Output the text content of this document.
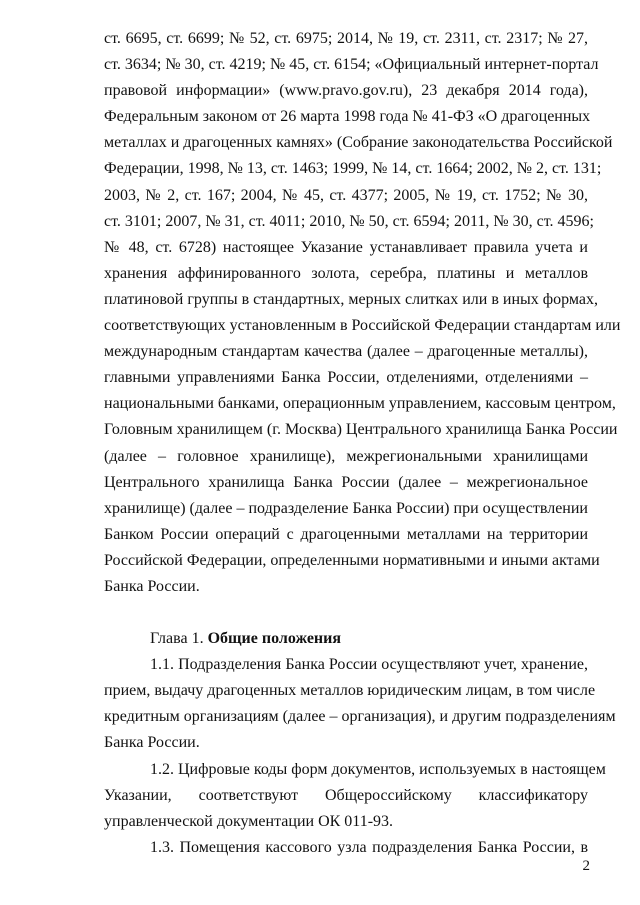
ст. 6695, ст. 6699; № 52, ст. 6975; 2014, № 19, ст. 2311, ст. 2317; № 27,
ст. 3634; № 30, ст. 4219; № 45, ст. 6154; «Официальный интернет-портал
правовой информации» (www.pravo.gov.ru), 23 декабря 2014 года),
Федеральным законом от 26 марта 1998 года № 41-ФЗ «О драгоценных
металлах и драгоценных камнях» (Собрание законодательства Российской
Федерации, 1998, № 13, ст. 1463; 1999, № 14, ст. 1664; 2002, № 2, ст. 131;
2003, № 2, ст. 167; 2004, № 45, ст. 4377; 2005, № 19, ст. 1752; № 30,
ст. 3101; 2007, № 31, ст. 4011; 2010, № 50, ст. 6594; 2011, № 30, ст. 4596;
№ 48, ст. 6728) настоящее Указание устанавливает правила учета и
хранения аффинированного золота, серебра, платины и металлов
платиновой группы в стандартных, мерных слитках или в иных формах,
соответствующих установленным в Российской Федерации стандартам или
международным стандартам качества (далее – драгоценные металлы),
главными управлениями Банка России, отделениями, отделениями –
национальными банками, операционным управлением, кассовым центром,
Головным хранилищем (г. Москва) Центрального хранилища Банка России
(далее – головное хранилище), межрегиональными хранилищами
Центрального хранилища Банка России (далее – межрегиональное
хранилище) (далее – подразделение Банка России) при осуществлении
Банком России операций с драгоценными металлами на территории
Российской Федерации, определенными нормативными и иными актами
Банка России.
Глава 1. Общие положения
1.1. Подразделения Банка России осуществляют учет, хранение,
прием, выдачу драгоценных металлов юридическим лицам, в том числе
кредитным организациям (далее – организация), и другим подразделениям
Банка России.
1.2. Цифровые коды форм документов, используемых в настоящем
Указании, соответствуют Общероссийскому классификатору
управленческой документации ОК 011-93.
1.3. Помещения кассового узла подразделения Банка России, в
2
